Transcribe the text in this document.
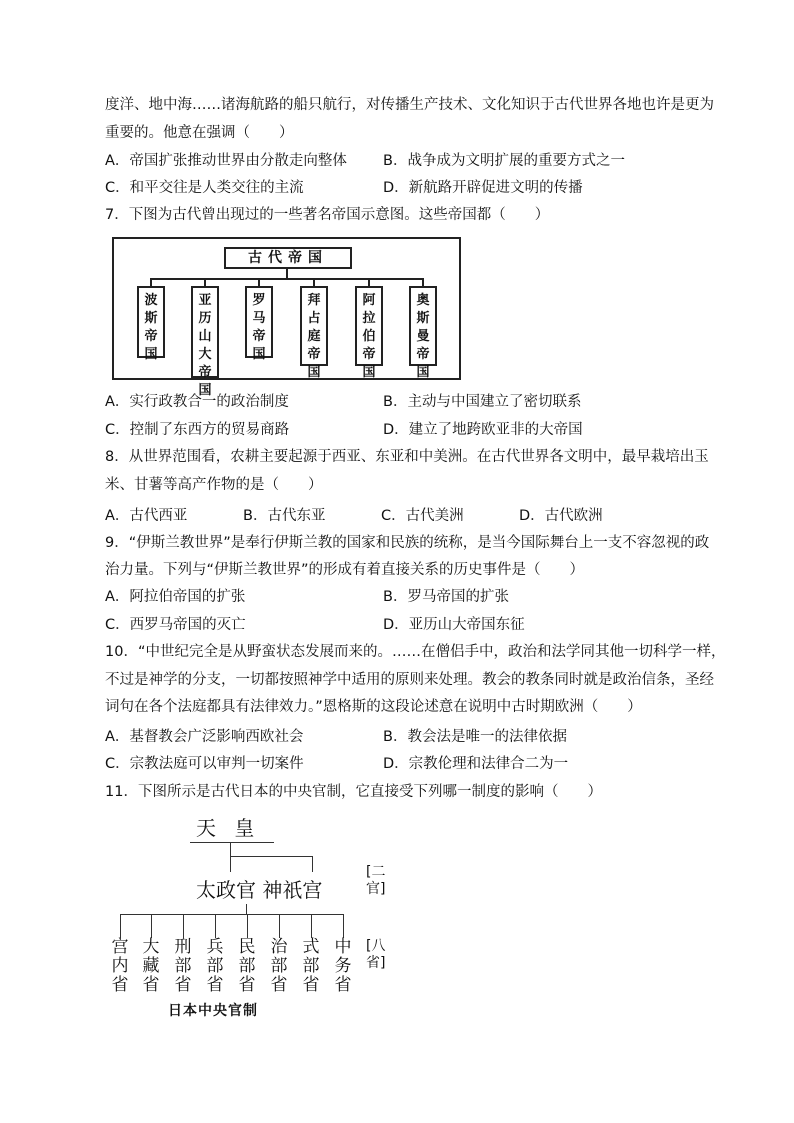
度洋、地中海……诸海航路的船只航行，对传播生产技术、文化知识于古代世界各地也许是更为
重要的。他意在强调（　　）
A．帝国扩张推动世界由分散走向整体 B．战争成为文明扩展的重要方式之一
C．和平交往是人类交往的主流	D．新航路开辟促进文明的传播
7．下图为古代曾出现过的一些著名帝国示意图。这些帝国都（　　）
古代帝国
波斯帝国
亚历山大帝国
罗马帝国
拜占庭帝国
阿拉伯帝国
奥斯曼帝国
A．实行政教合一的政治制度	B．主动与中国建立了密切联系
C．控制了东西方的贸易商路	D．建立了地跨欧亚非的大帝国
8．从世界范围看，农耕主要起源于西亚、东亚和中美洲。在古代世界各文明中，最早栽培出玉
米、甘薯等高产作物的是（　　）
A．古代西亚	B．古代东亚	C．古代美洲	D．古代欧洲
9．“伊斯兰教世界”是奉行伊斯兰教的国家和民族的统称，是当今国际舞台上一支不容忽视的政
治力量。下列与“伊斯兰教世界”的形成有着直接关系的历史事件是（　　）
A．阿拉伯帝国的扩张	B．罗马帝国的扩张
C．西罗马帝国的灭亡	D．亚历山大帝国东征
10．“中世纪完全是从野蛮状态发展而来的。……在僧侣手中，政治和法学同其他一切科学一样，
不过是神学的分支，一切都按照神学中适用的原则来处理。教会的教条同时就是政治信条，圣经
词句在各个法庭都具有法律效力。”恩格斯的这段论述意在说明中古时期欧洲（　　）
A．基督教会广泛影响西欧社会	B．教会法是唯一的法律依据
C．宗教法庭可以审判一切案件	D．宗教伦理和法律合二为一
11．下图所示是古代日本的中央官制，它直接受下列哪一制度的影响（　　）
天 皇
太政官 神祇宫
宫内省
大藏省
刑部省
兵部省
民部省
治部省
式部省
中务省
[二官]
[八省]
日本中央官制
